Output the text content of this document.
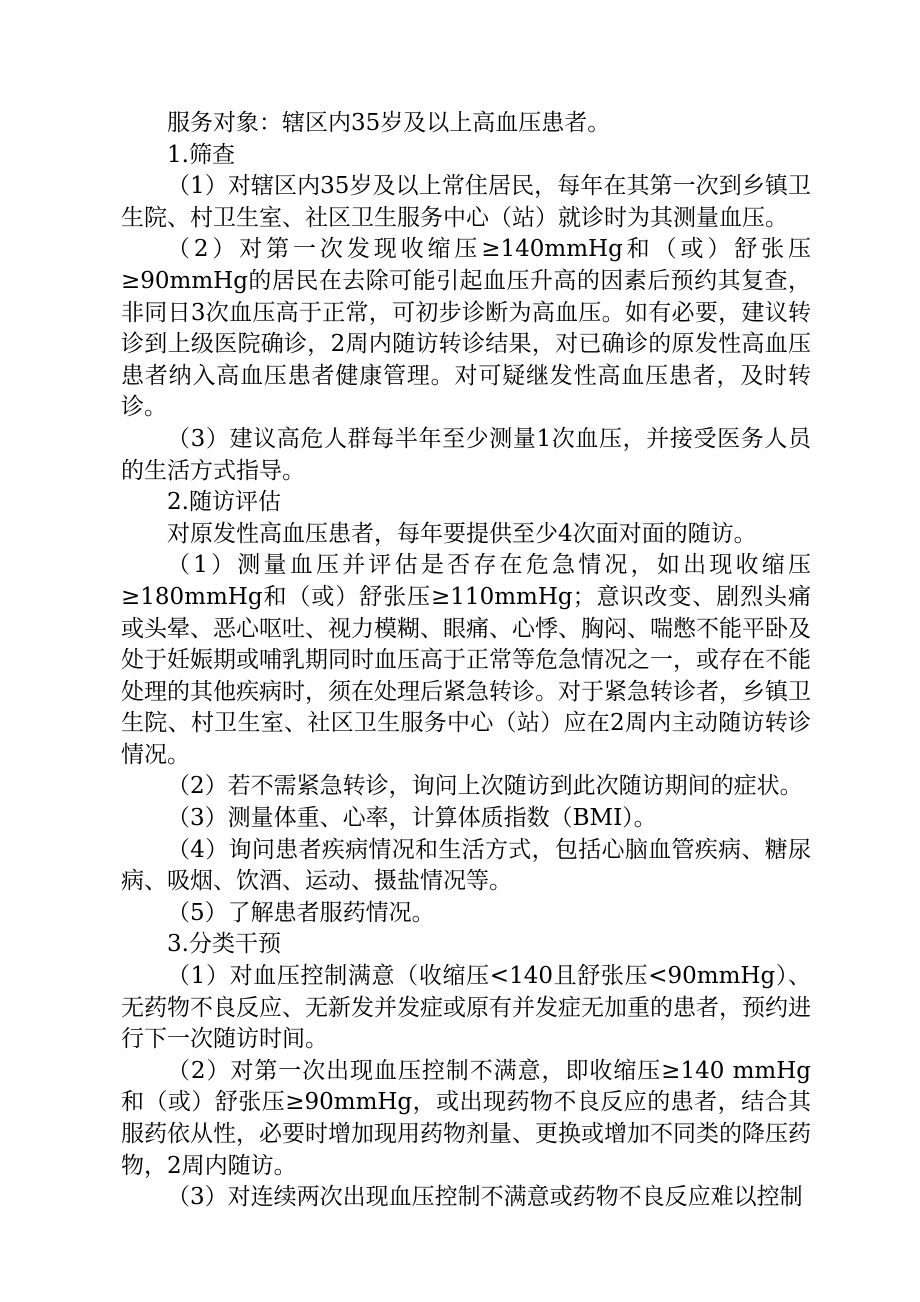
服务对象：辖区内35岁及以上高血压患者。

1.筛查

（1）对辖区内35岁及以上常住居民，每年在其第一次到乡镇卫生院、村卫生室、社区卫生服务中心（站）就诊时为其测量血压。

（2）对第一次发现收缩压≥140mmHg和（或）舒张压≥90mmHg的居民在去除可能引起血压升高的因素后预约其复查，非同日3次血压高于正常，可初步诊断为高血压。如有必要，建议转诊到上级医院确诊，2周内随访转诊结果，对已确诊的原发性高血压患者纳入高血压患者健康管理。对可疑继发性高血压患者，及时转诊。

（3）建议高危人群每半年至少测量1次血压，并接受医务人员的生活方式指导。

2.随访评估

对原发性高血压患者，每年要提供至少4次面对面的随访。

（1）测量血压并评估是否存在危急情况，如出现收缩压≥180mmHg和（或）舒张压≥110mmHg；意识改变、剧烈头痛或头晕、恶心呕吐、视力模糊、眼痛、心悸、胸闷、喘憋不能平卧及处于妊娠期或哺乳期同时血压高于正常等危急情况之一，或存在不能处理的其他疾病时，须在处理后紧急转诊。对于紧急转诊者，乡镇卫生院、村卫生室、社区卫生服务中心（站）应在2周内主动随访转诊情况。

（2）若不需紧急转诊，询问上次随访到此次随访期间的症状。

（3）测量体重、心率，计算体质指数（BMI）。

（4）询问患者疾病情况和生活方式，包括心脑血管疾病、糖尿病、吸烟、饮酒、运动、摄盐情况等。

（5）了解患者服药情况。

3.分类干预

（1）对血压控制满意（收缩压<140且舒张压<90mmHg）、无药物不良反应、无新发并发症或原有并发症无加重的患者，预约进行下一次随访时间。

（2）对第一次出现血压控制不满意，即收缩压≥140 mmHg和（或）舒张压≥90mmHg，或出现药物不良反应的患者，结合其服药依从性，必要时增加现用药物剂量、更换或增加不同类的降压药物，2周内随访。

（3）对连续两次出现血压控制不满意或药物不良反应难以控制
